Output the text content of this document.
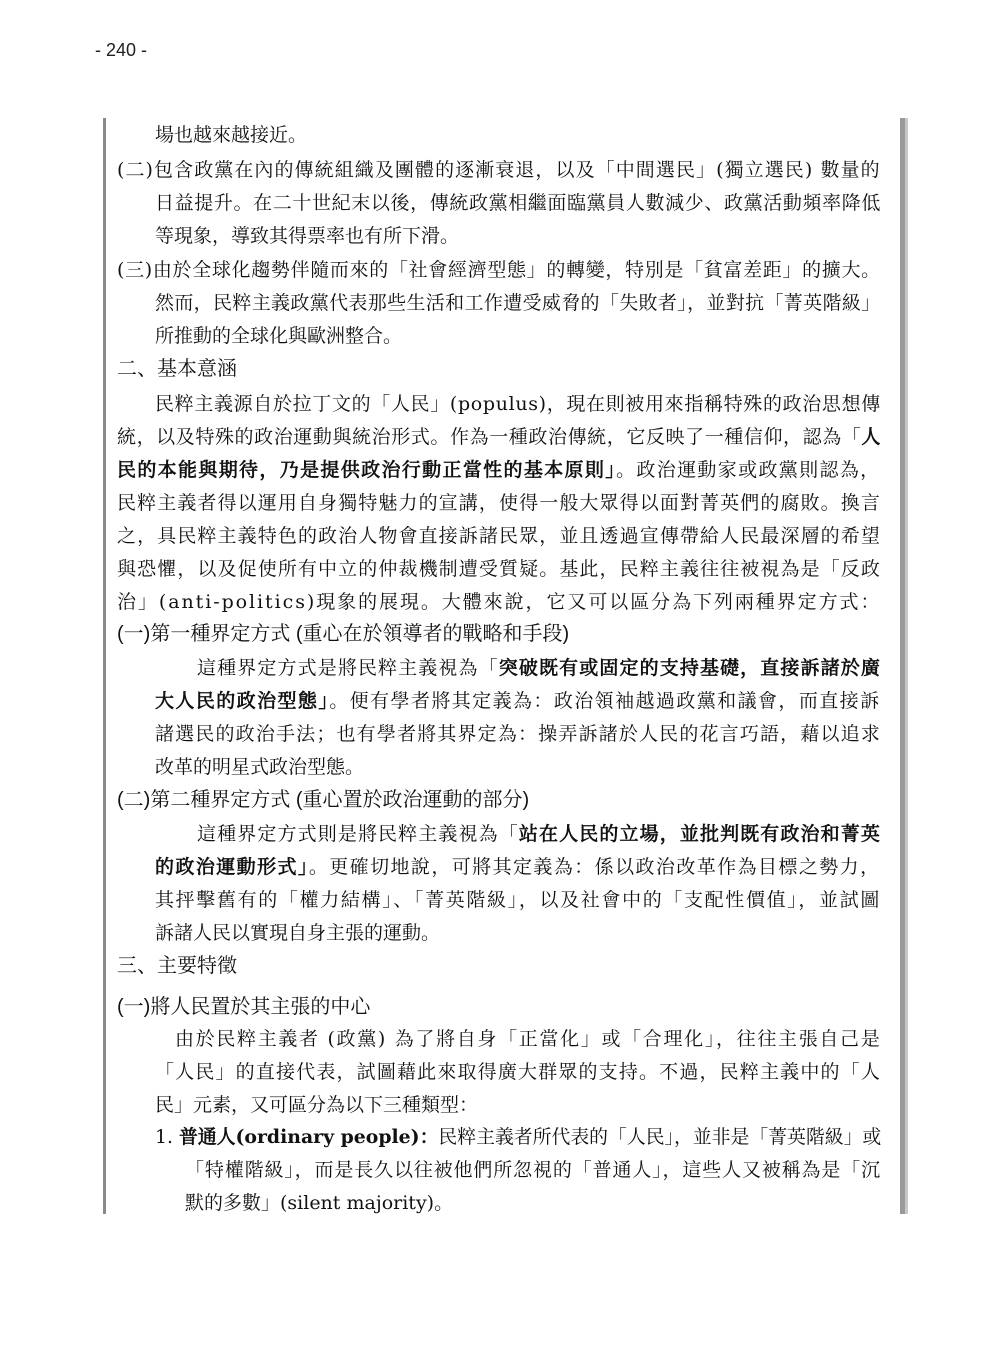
- 240 -
場也越來越接近。
(二)包含政黨在內的傳統組織及團體的逐漸衰退，以及「中間選民」(獨立選民) 數量的
日益提升。在二十世紀末以後，傳統政黨相繼面臨黨員人數減少、政黨活動頻率降低
等現象，導致其得票率也有所下滑。
(三)由於全球化趨勢伴隨而來的「社會經濟型態」的轉變，特別是「貧富差距」的擴大。
然而，民粹主義政黨代表那些生活和工作遭受威脅的「失敗者」，並對抗「菁英階級」
所推動的全球化與歐洲整合。
二、基本意涵
民粹主義源自於拉丁文的「人民」(populus)，現在則被用來指稱特殊的政治思想傳
統，以及特殊的政治運動與統治形式。作為一種政治傳統，它反映了一種信仰，認為「人
民的本能與期待，乃是提供政治行動正當性的基本原則」。政治運動家或政黨則認為，
民粹主義者得以運用自身獨特魅力的宣講，使得一般大眾得以面對菁英們的腐敗。換言
之，具民粹主義特色的政治人物會直接訴諸民眾，並且透過宣傳帶給人民最深層的希望
與恐懼，以及促使所有中立的仲裁機制遭受質疑。基此，民粹主義往往被視為是「反政
治」(anti-politics)現象的展現。大體來說，它又可以區分為下列兩種界定方式：
(一)第一種界定方式 (重心在於領導者的戰略和手段)
這種界定方式是將民粹主義視為「突破既有或固定的支持基礎，直接訴諸於廣
大人民的政治型態」。便有學者將其定義為：政治領袖越過政黨和議會，而直接訴
諸選民的政治手法；也有學者將其界定為：操弄訴諸於人民的花言巧語，藉以追求
改革的明星式政治型態。
(二)第二種界定方式 (重心置於政治運動的部分)
這種界定方式則是將民粹主義視為「站在人民的立場，並批判既有政治和菁英
的政治運動形式」。更確切地說，可將其定義為：係以政治改革作為目標之勢力，
其抨擊舊有的「權力結構」、「菁英階級」，以及社會中的「支配性價值」，並試圖
訴諸人民以實現自身主張的運動。
三、主要特徵
(一)將人民置於其主張的中心
由於民粹主義者 (政黨) 為了將自身「正當化」或「合理化」，往往主張自己是
「人民」的直接代表，試圖藉此來取得廣大群眾的支持。不過，民粹主義中的「人
民」元素，又可區分為以下三種類型：
1. 普通人(ordinary people)：民粹主義者所代表的「人民」，並非是「菁英階級」或
「特權階級」，而是長久以往被他們所忽視的「普通人」，這些人又被稱為是「沉
默的多數」(silent majority)。
